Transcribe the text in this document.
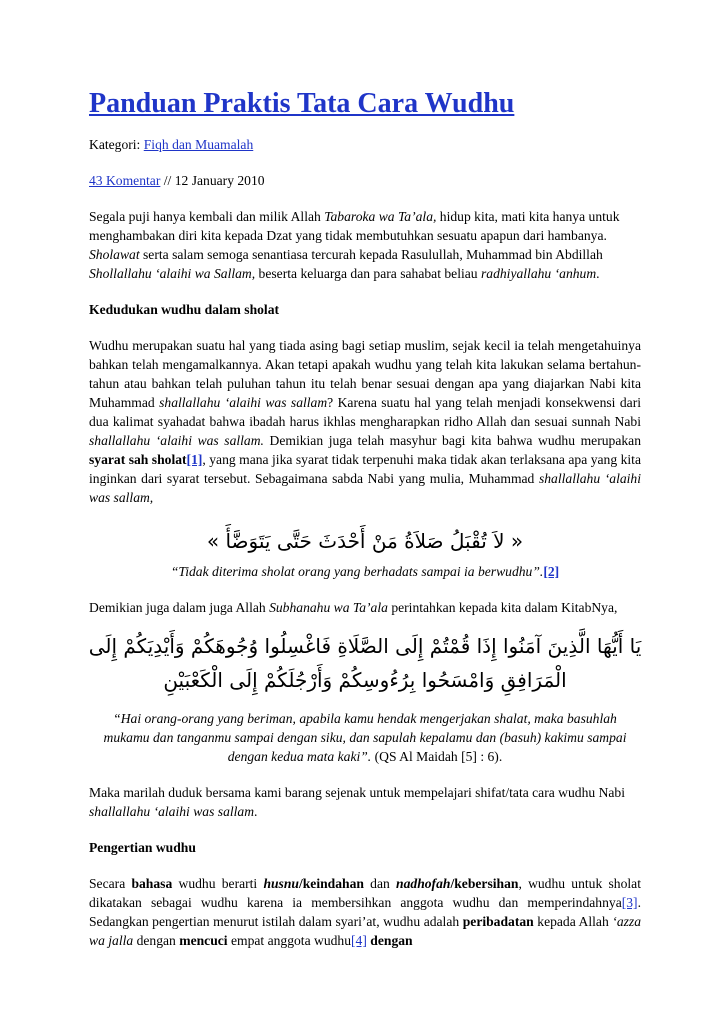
Panduan Praktis Tata Cara Wudhu

Kategori: Fiqh dan Muamalah

43 Komentar // 12 January 2010

Segala puji hanya kembali dan milik Allah Tabaroka wa Ta’ala, hidup kita, mati kita hanya untuk menghambakan diri kita kepada Dzat yang tidak membutuhkan sesuatu apapun dari hambanya. Sholawat serta salam semoga senantiasa tercurah kepada Rasulullah, Muhammad bin Abdillah Shollallahu ‘alaihi wa Sallam, beserta keluarga dan para sahabat beliau radhiyallahu ‘anhum.

Kedudukan wudhu dalam sholat

Wudhu merupakan suatu hal yang tiada asing bagi setiap muslim, sejak kecil ia telah mengetahuinya bahkan telah mengamalkannya. Akan tetapi apakah wudhu yang telah kita lakukan selama bertahun-tahun atau bahkan telah puluhan tahun itu telah benar sesuai dengan apa yang diajarkan Nabi kita Muhammad shallallahu ‘alaihi was sallam? Karena suatu hal yang telah menjadi konsekwensi dari dua kalimat syahadat bahwa ibadah harus ikhlas mengharapkan ridho Allah dan sesuai sunnah Nabi shallallahu ‘alaihi was sallam. Demikian juga telah masyhur bagi kita bahwa wudhu merupakan syarat sah sholat[1], yang mana jika syarat tidak terpenuhi maka tidak akan terlaksana apa yang kita inginkan dari syarat tersebut. Sebagaimana sabda Nabi yang mulia, Muhammad shallallahu ‘alaihi was sallam,

« لاَ تُقْبَلُ صَلاَةُ مَنْ أَحْدَثَ حَتَّى يَتَوَضَّأَ »

“Tidak diterima sholat orang yang berhadats sampai ia berwudhu”.[2]

Demikian juga dalam juga Allah Subhanahu wa Ta’ala perintahkan kepada kita dalam KitabNya,

يَا أَيُّهَا الَّذِينَ آمَنُوا إِذَا قُمْتُمْ إِلَى الصَّلَاةِ فَاغْسِلُوا وُجُوهَكُمْ وَأَيْدِيَكُمْ إِلَى الْمَرَافِقِ وَامْسَحُوا بِرُءُوسِكُمْ وَأَرْجُلَكُمْ إِلَى الْكَعْبَيْنِ

“Hai orang-orang yang beriman, apabila kamu hendak mengerjakan shalat, maka basuhlah mukamu dan tanganmu sampai dengan siku, dan sapulah kepalamu dan (basuh) kakimu sampai dengan kedua mata kaki”. (QS Al Maidah [5] : 6).

Maka marilah duduk bersama kami barang sejenak untuk mempelajari shifat/tata cara wudhu Nabi shallallahu ‘alaihi was sallam.

Pengertian wudhu

Secara bahasa wudhu berarti husnu/keindahan dan nadhofah/kebersihan, wudhu untuk sholat dikatakan sebagai wudhu karena ia membersihkan anggota wudhu dan memperindahnya[3]. Sedangkan pengertian menurut istilah dalam syari’at, wudhu adalah peribadatan kepada Allah ‘azza wa jalla dengan mencuci empat anggota wudhu[4] dengan
